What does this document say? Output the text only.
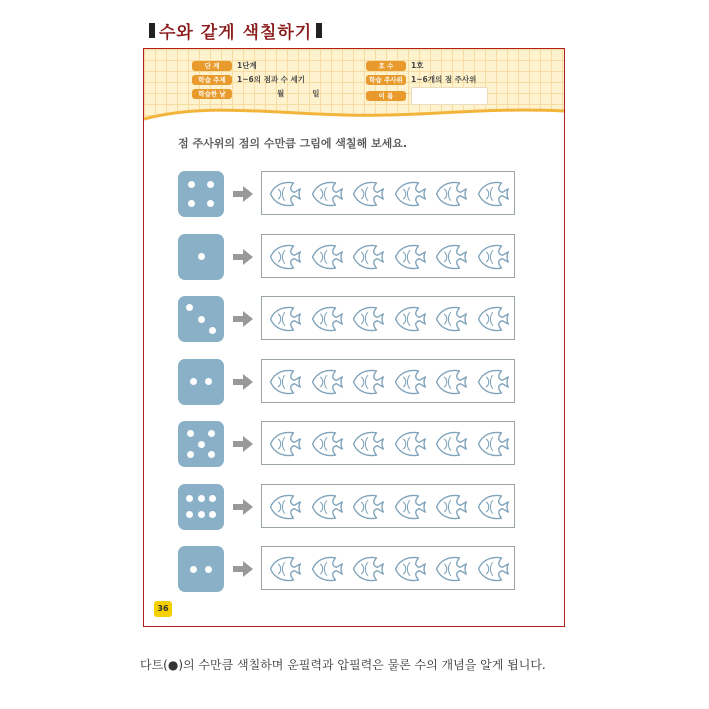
수와 같게 색칠하기
단 계	1단계
학습 주제	1~6의 점과 수 세기
학습한 날	월	일
호 수	1호
학습 주사위	1~6개의 점 주사위
이 름
점 주사위의 점의 수만큼 그림에 색칠해 보세요.
36
다트(●)의 수만큼 색칠하며 운필력과 압필력은 물론 수의 개념을 알게 됩니다.
